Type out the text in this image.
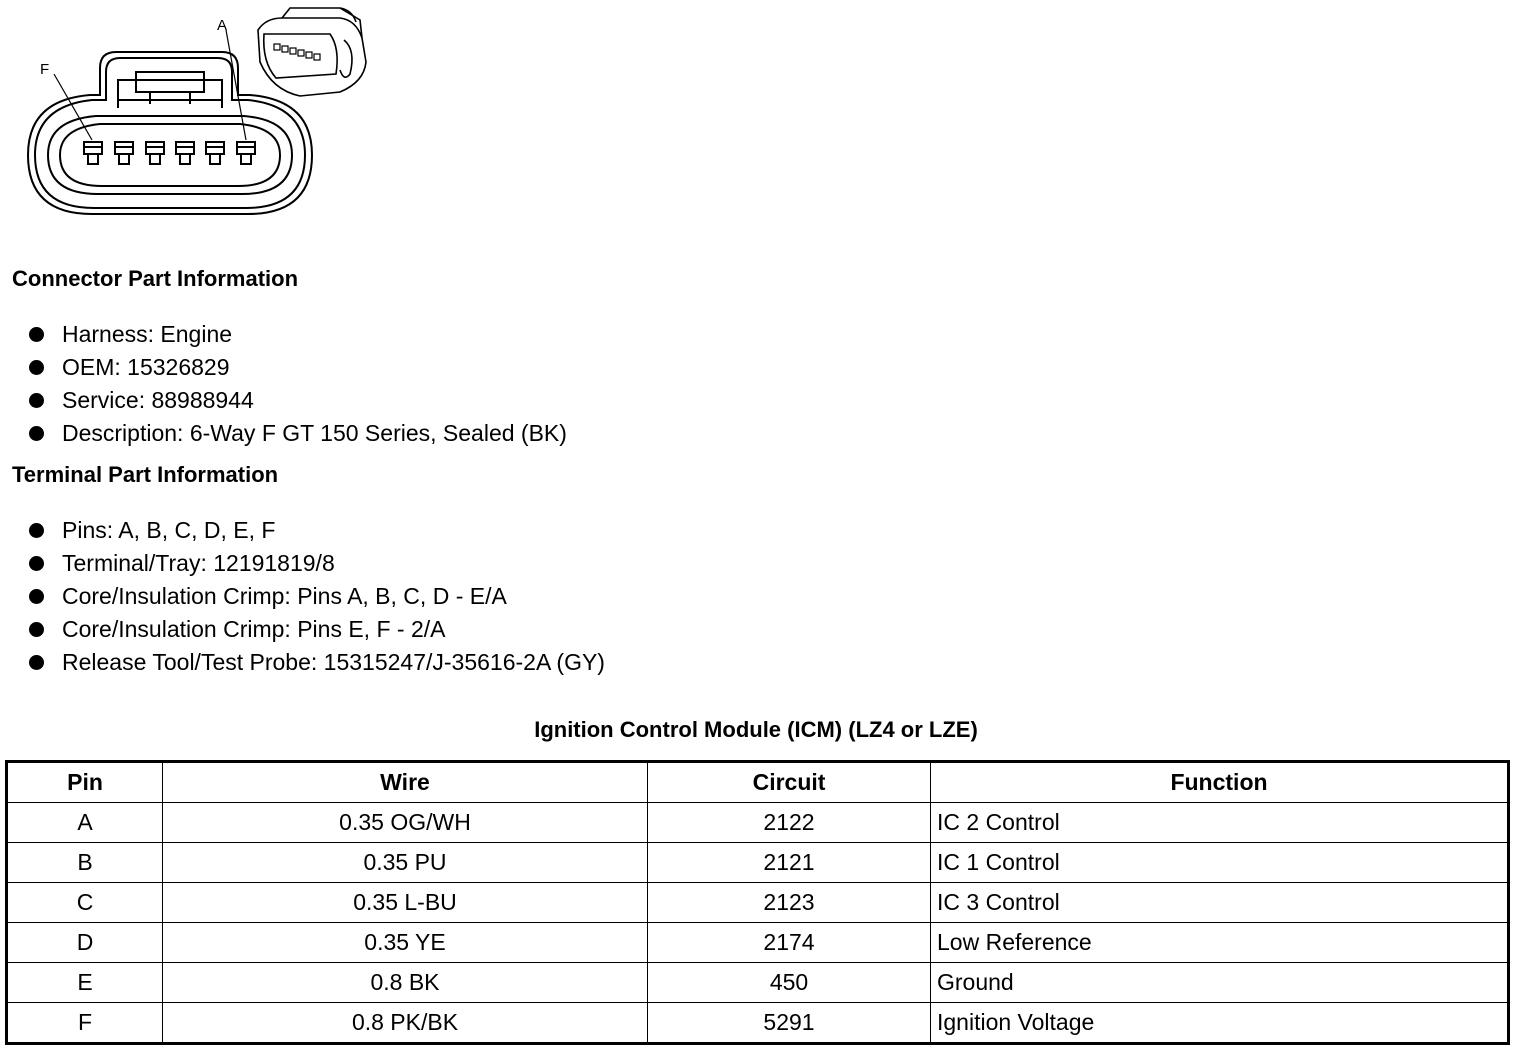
A
F
Connector Part Information
Harness: Engine
OEM: 15326829
Service: 88988944
Description: 6-Way F GT 150 Series, Sealed (BK)
Terminal Part Information
Pins: A, B, C, D, E, F
Terminal/Tray: 12191819/8
Core/Insulation Crimp: Pins A, B, C, D - E/A
Core/Insulation Crimp: Pins E, F - 2/A
Release Tool/Test Probe: 15315247/J-35616-2A (GY)
Ignition Control Module (ICM) (LZ4 or LZE)
Pin	Wire	Circuit	Function
A	0.35 OG/WH	2122	IC 2 Control
B	0.35 PU	2121	IC 1 Control
C	0.35 L-BU	2123	IC 3 Control
D	0.35 YE	2174	Low Reference
E	0.8 BK	450	Ground
F	0.8 PK/BK	5291	Ignition Voltage
